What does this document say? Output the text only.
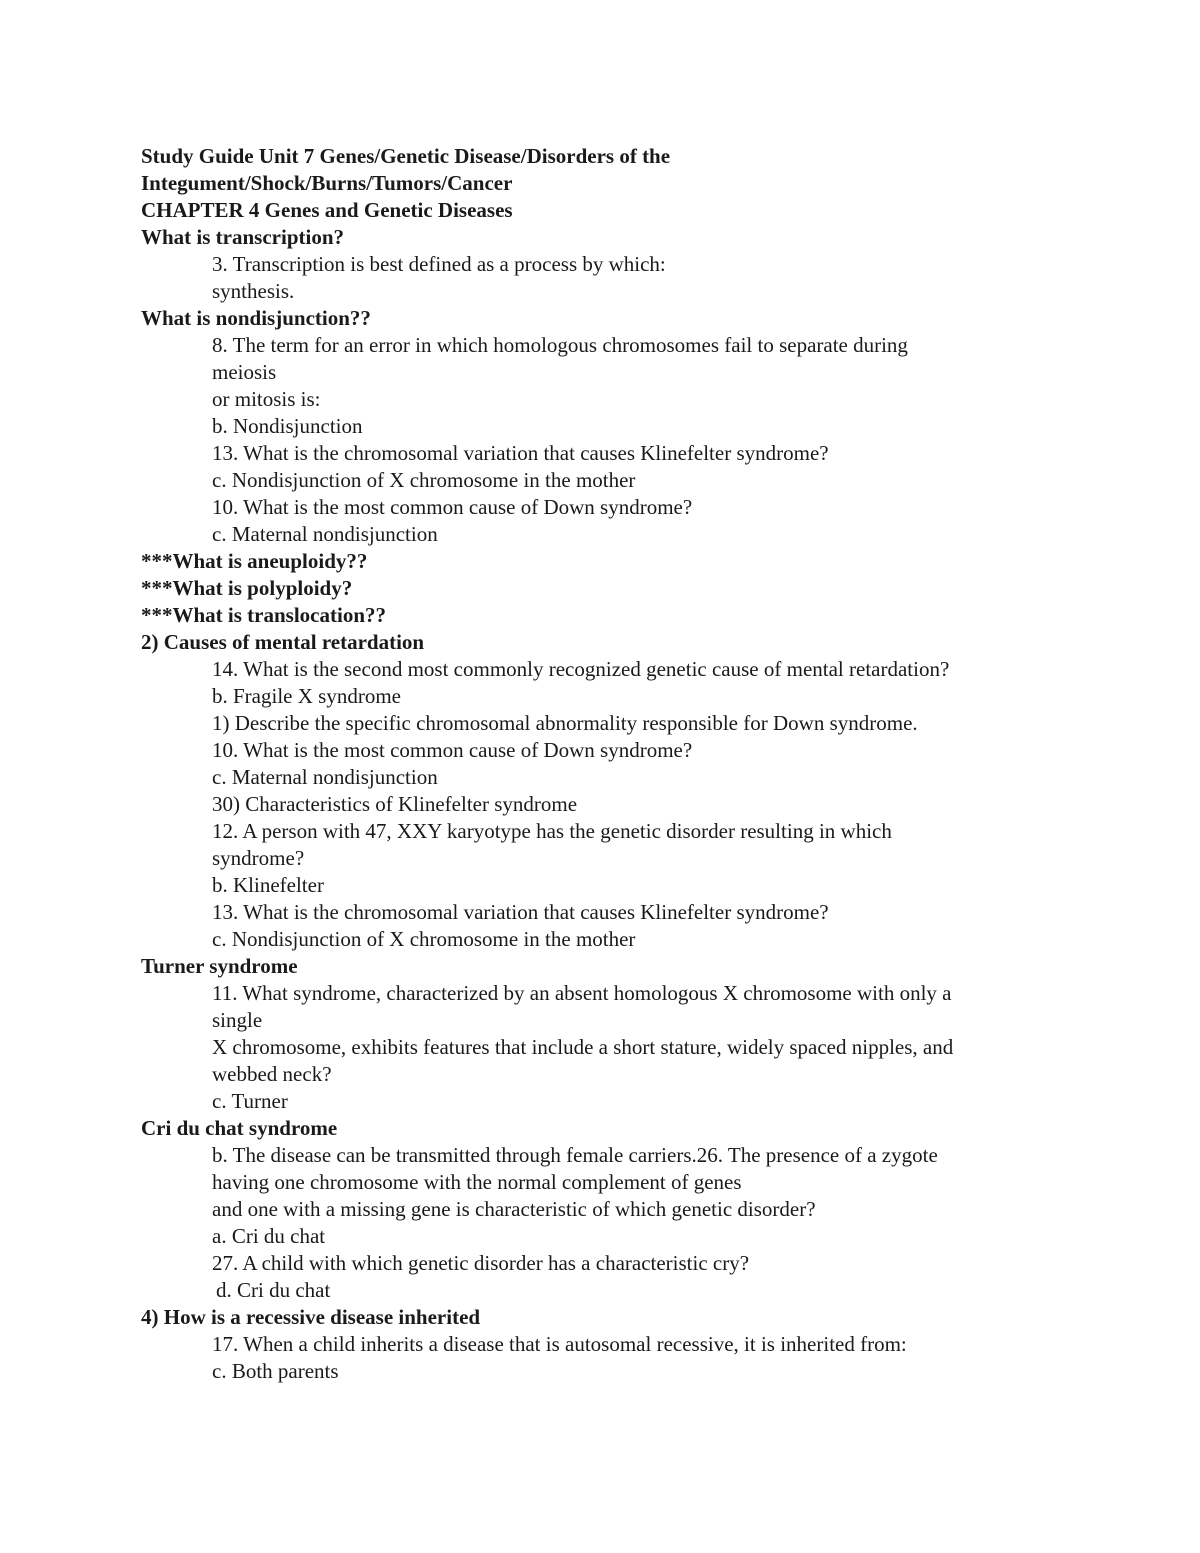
Study Guide Unit 7 Genes/Genetic Disease/Disorders of the

Integument/Shock/Burns/Tumors/Cancer

CHAPTER 4 Genes and Genetic Diseases

What is transcription?

3. Transcription is best defined as a process by which:

synthesis.

What is nondisjunction??

8. The term for an error in which homologous chromosomes fail to separate during

meiosis

or mitosis is:

b. Nondisjunction

13. What is the chromosomal variation that causes Klinefelter syndrome?

c. Nondisjunction of X chromosome in the mother

10. What is the most common cause of Down syndrome?

c. Maternal nondisjunction

***What is aneuploidy??

***What is polyploidy?

***What is translocation??

2) Causes of mental retardation

14. What is the second most commonly recognized genetic cause of mental retardation?

b. Fragile X syndrome

1) Describe the specific chromosomal abnormality responsible for Down syndrome.

10. What is the most common cause of Down syndrome?

c. Maternal nondisjunction

30) Characteristics of Klinefelter syndrome

12. A person with 47, XXY karyotype has the genetic disorder resulting in which

syndrome?

b. Klinefelter

13. What is the chromosomal variation that causes Klinefelter syndrome?

c. Nondisjunction of X chromosome in the mother

Turner syndrome

11. What syndrome, characterized by an absent homologous X chromosome with only a

single

X chromosome, exhibits features that include a short stature, widely spaced nipples, and

webbed neck?

c. Turner

Cri du chat syndrome

b. The disease can be transmitted through female carriers.26. The presence of a zygote

having one chromosome with the normal complement of genes

and one with a missing gene is characteristic of which genetic disorder?

a. Cri du chat

27. A child with which genetic disorder has a characteristic cry?

d. Cri du chat

4) How is a recessive disease inherited

17. When a child inherits a disease that is autosomal recessive, it is inherited from:

c. Both parents
